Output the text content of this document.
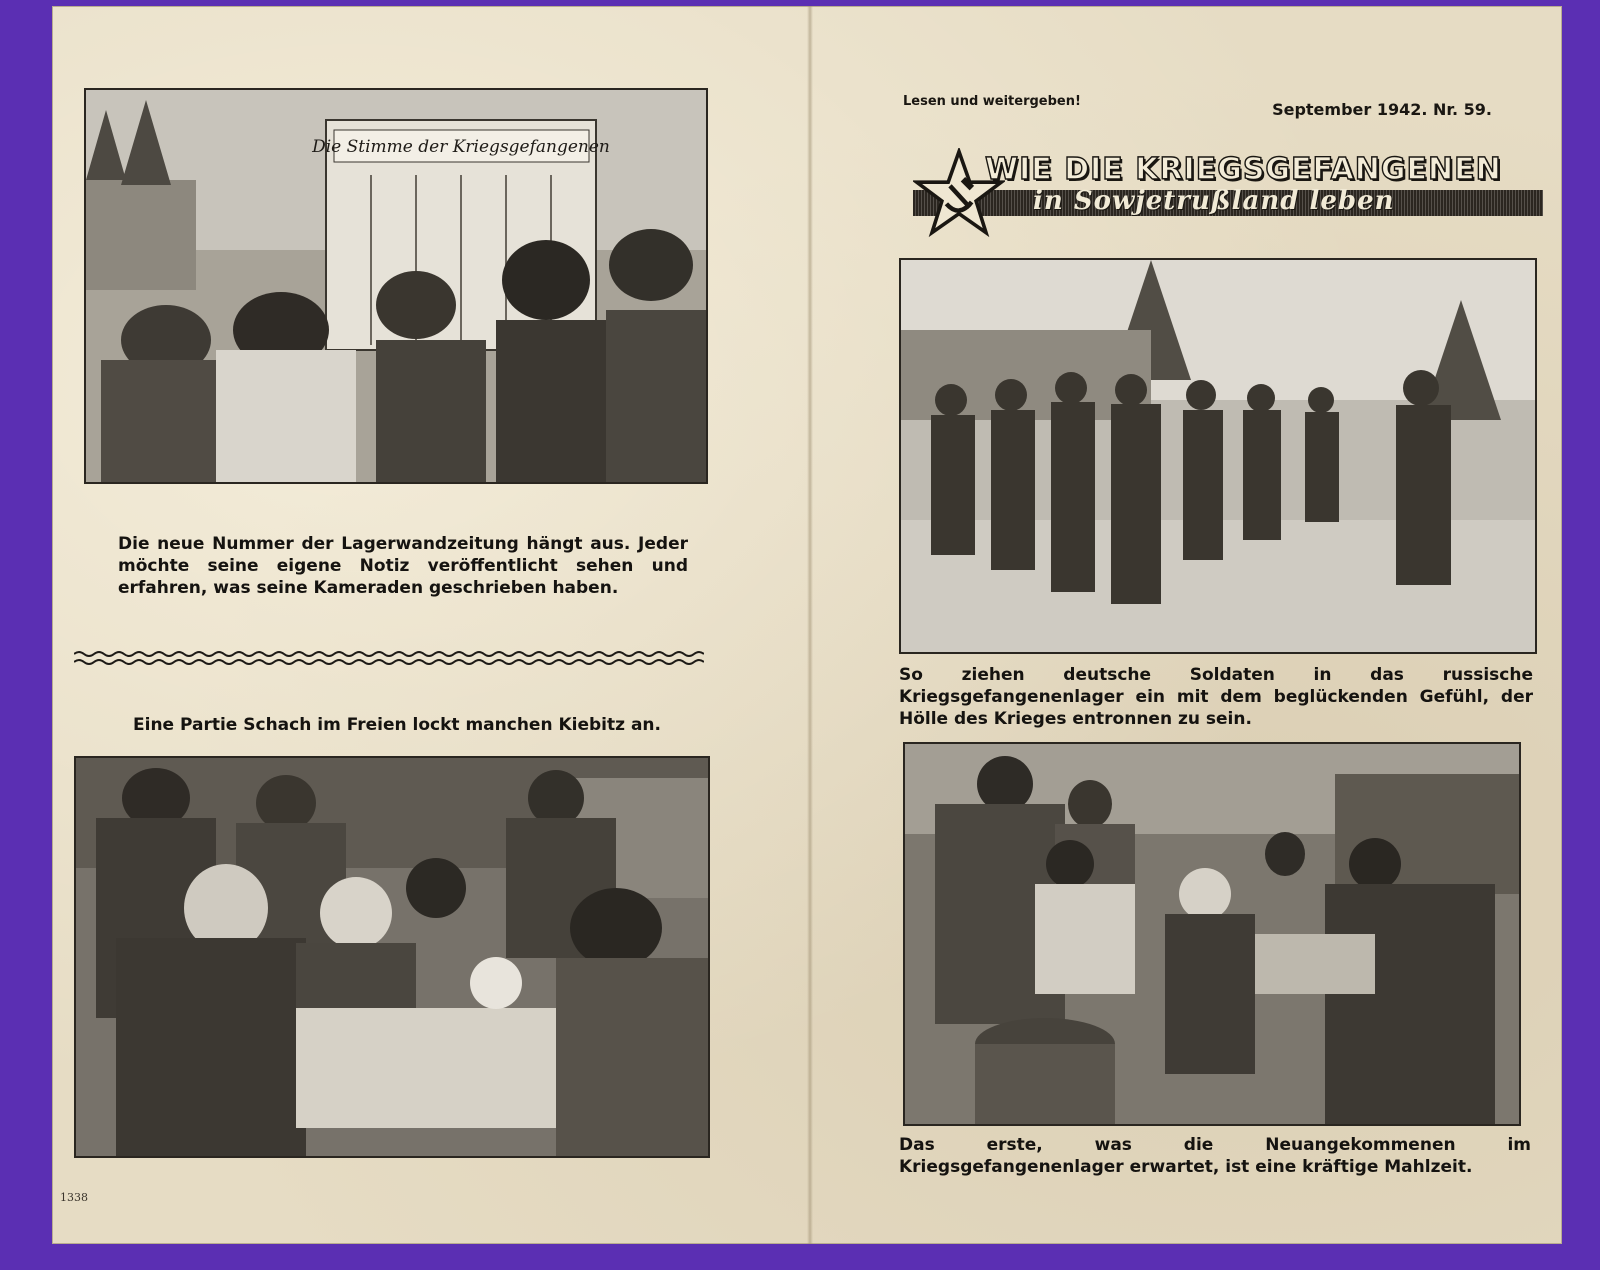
Die Stimme der Kriegsgefangenen
Die neue Nummer der Lagerwandzeitung hängt aus. Jeder möchte seine eigene Notiz veröffentlicht sehen und erfahren, was seine Kameraden geschrieben haben.
Eine Partie Schach im Freien lockt manchen Kiebitz an.
1338
Lesen und weitergeben!	September 1942. Nr. 59.
WIE DIE KRIEGSGEFANGENEN
in Sowjetrußland leben
So ziehen deutsche Soldaten in das russische Kriegsgefangenenlager ein mit dem beglückenden Gefühl, der Hölle des Krieges entronnen zu sein.
Das erste, was die Neuangekommenen im Kriegsgefangenenlager erwartet, ist eine kräftige Mahlzeit.
